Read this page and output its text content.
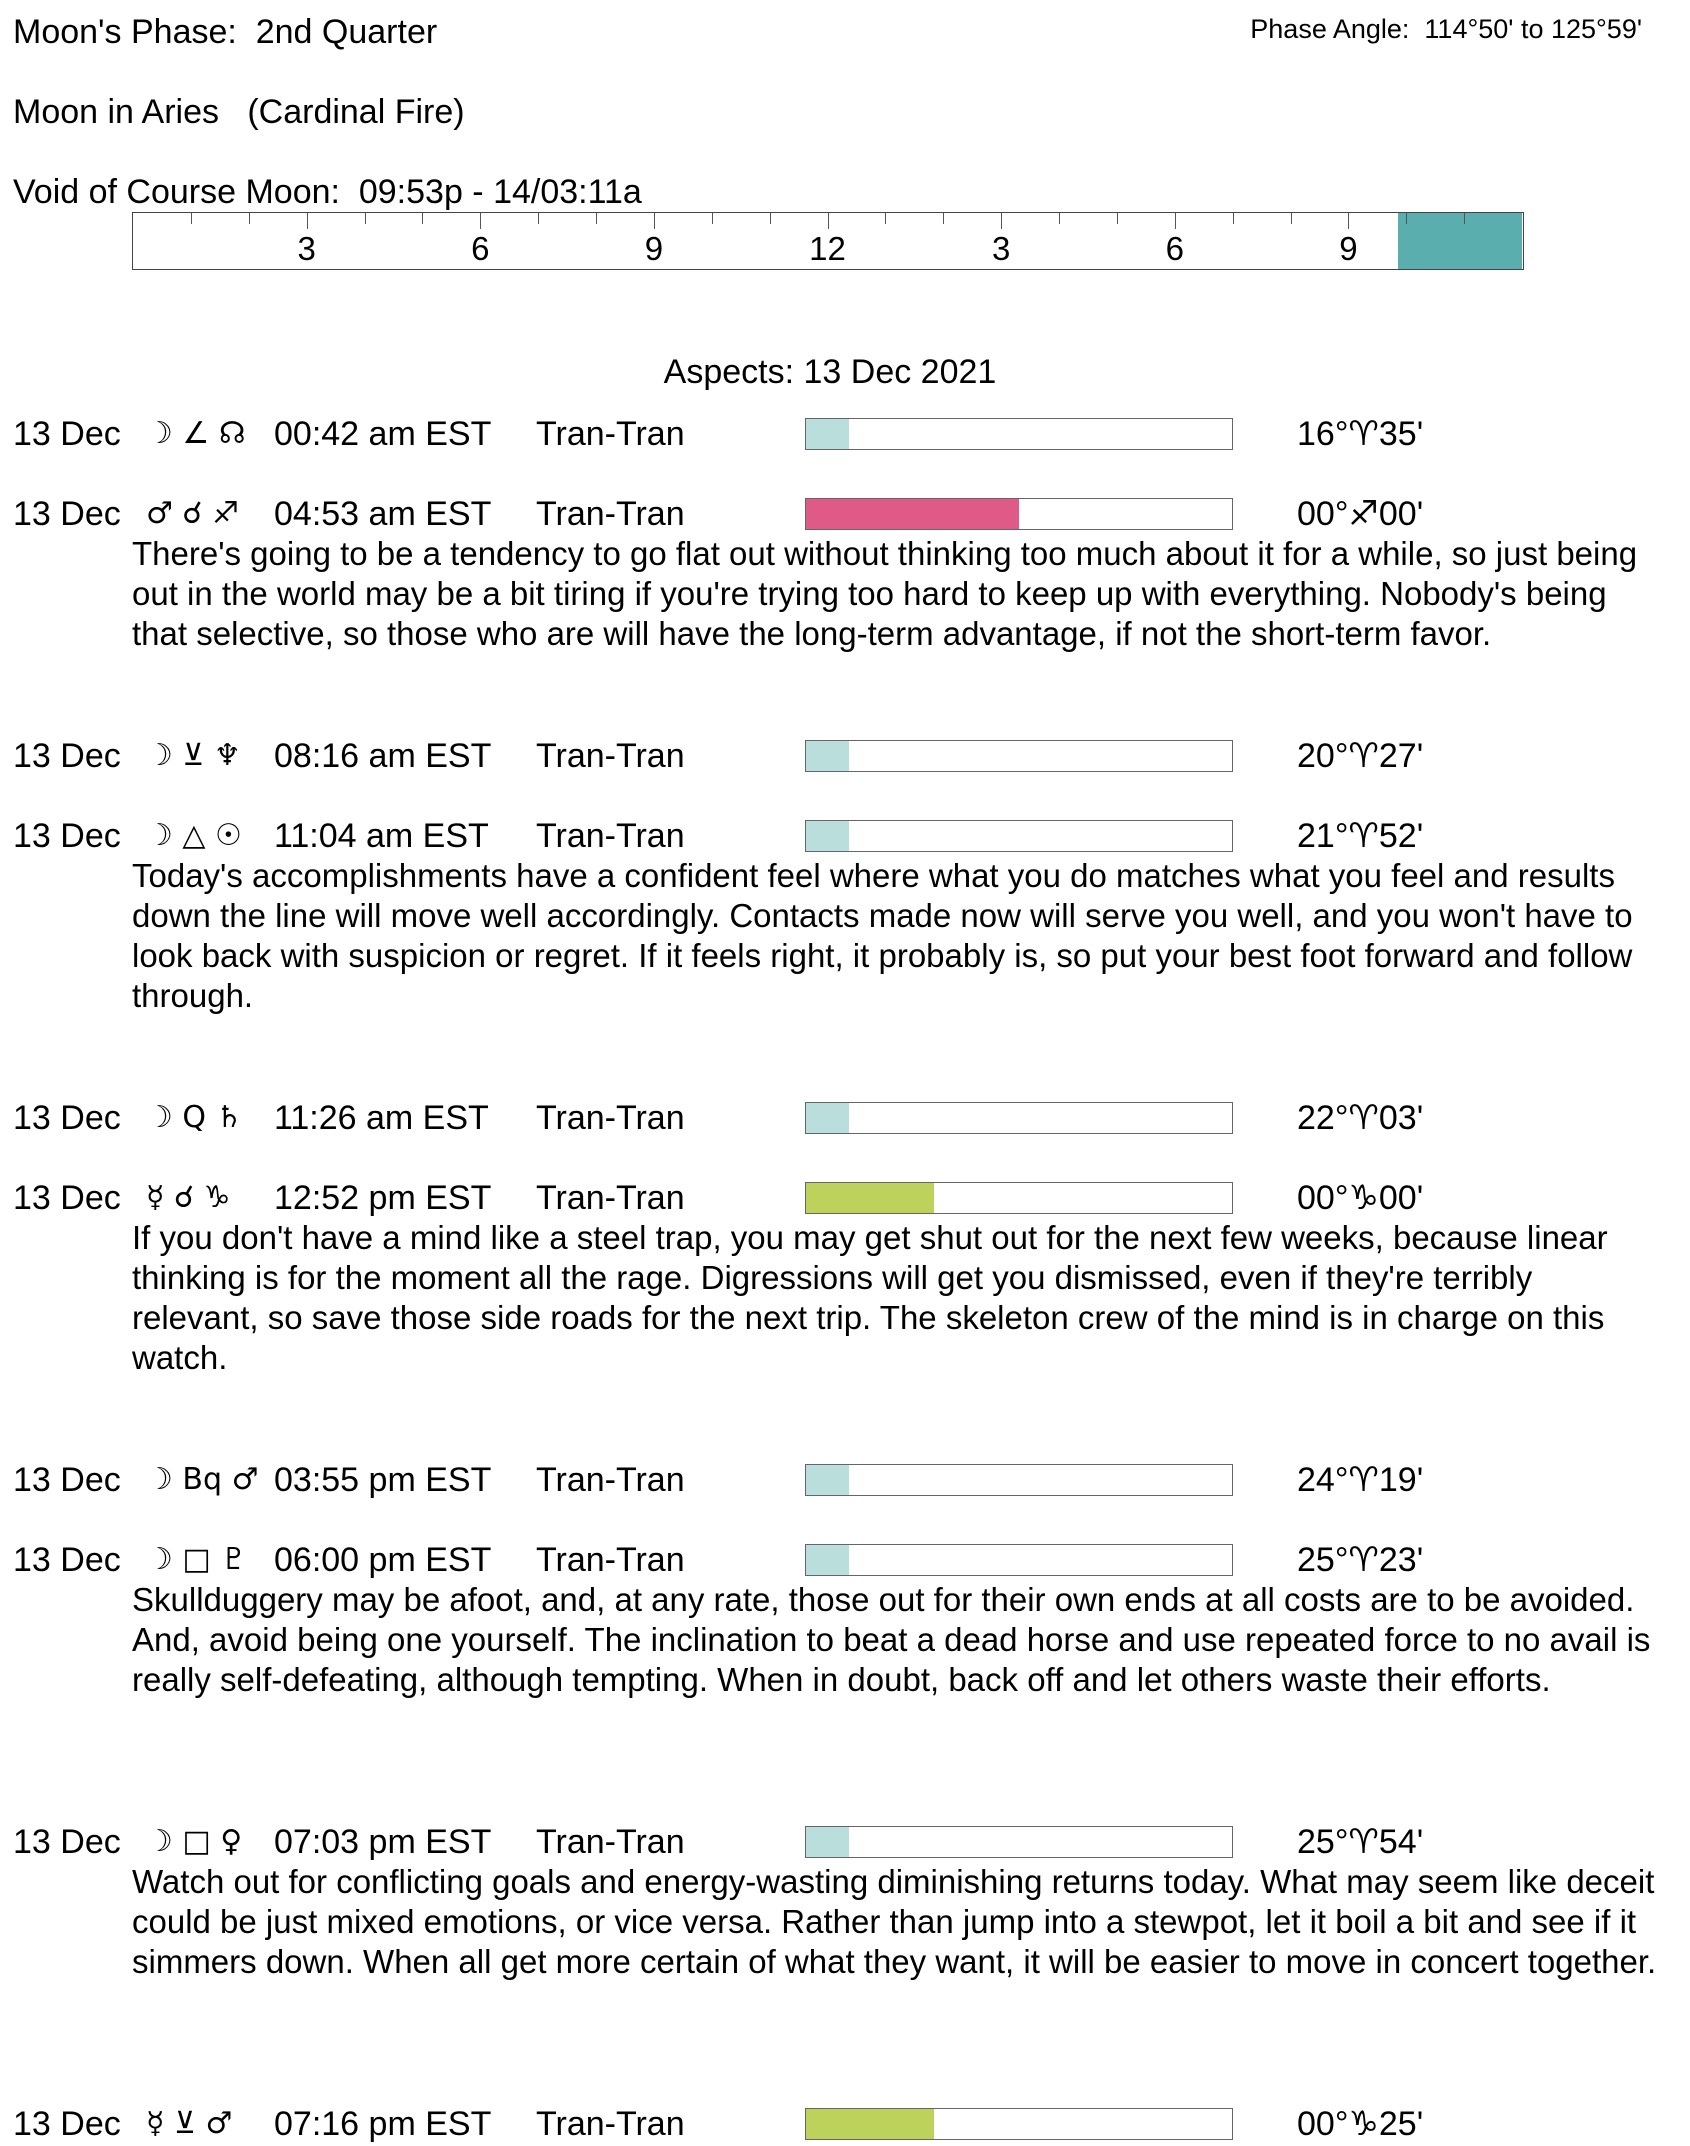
Moon's Phase:  2nd Quarter	Phase Angle:  114°50' to 125°59'
Moon in Aries   (Cardinal Fire)
Void of Course Moon:  09:53p - 14/03:11a
3	6	9	12	3	6	9
Aspects: 13 Dec 2021
13 Dec ☽ ∠ ☊ 00:42 am EST Tran-Tran	16°♈35'
13 Dec ♂ ☌ ♐ 04:53 am EST Tran-Tran	00°♐00'
There's going to be a tendency to go flat out without thinking too much about it for a while, so just being out in the world may be a bit tiring if you're trying too hard to keep up with everything. Nobody's being that selective, so those who are will have the long-term advantage, if not the short-term favor.
13 Dec ☽ ⊻ ♆ 08:16 am EST Tran-Tran	20°♈27'
13 Dec ☽ △ ☉ 11:04 am EST Tran-Tran	21°♈52'
Today's accomplishments have a confident feel where what you do matches what you feel and results down the line will move well accordingly. Contacts made now will serve you well, and you won't have to look back with suspicion or regret. If it feels right, it probably is, so put your best foot forward and follow through.
13 Dec ☽ Q ♄ 11:26 am EST Tran-Tran	22°♈03'
13 Dec ☿ ☌ ♑ 12:52 pm EST Tran-Tran	00°♑00'
If you don't have a mind like a steel trap, you may get shut out for the next few weeks, because linear thinking is for the moment all the rage. Digressions will get you dismissed, even if they're terribly relevant, so save those side roads for the next trip. The skeleton crew of the mind is in charge on this watch.
13 Dec ☽ Bq ♂ 03:55 pm EST Tran-Tran	24°♈19'
13 Dec ☽ □ ♇ 06:00 pm EST Tran-Tran	25°♈23'
Skullduggery may be afoot, and, at any rate, those out for their own ends at all costs are to be avoided. And, avoid being one yourself. The inclination to beat a dead horse and use repeated force to no avail is really self-defeating, although tempting. When in doubt, back off and let others waste their efforts.
13 Dec ☽ □ ♀ 07:03 pm EST Tran-Tran	25°♈54'
Watch out for conflicting goals and energy-wasting diminishing returns today. What may seem like deceit could be just mixed emotions, or vice versa. Rather than jump into a stewpot, let it boil a bit and see if it simmers down. When all get more certain of what they want, it will be easier to move in concert together.
13 Dec ☿ ⊻ ♂ 07:16 pm EST Tran-Tran	00°♑25'
